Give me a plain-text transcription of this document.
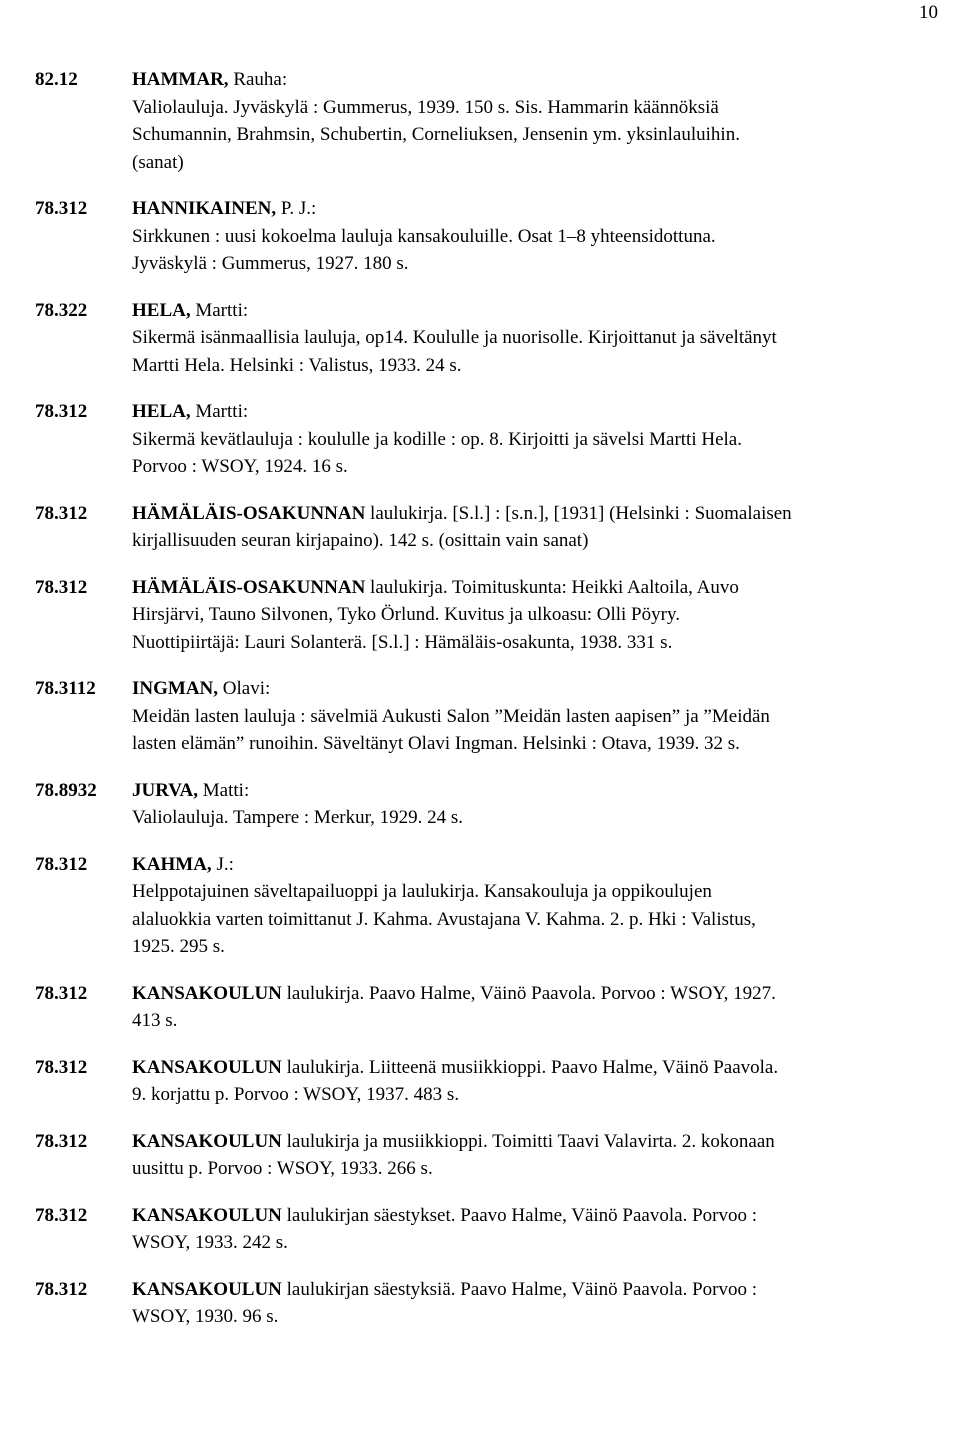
10
82.12	HAMMAR, Rauha:
Valiolauluja. Jyväskylä : Gummerus, 1939. 150 s. Sis. Hammarin käännöksiä
Schumannin, Brahmsin, Schubertin, Corneliuksen, Jensenin ym. yksinlauluihin.
(sanat)
78.312 HANNIKAINEN, P. J.:
Sirkkunen : uusi kokoelma lauluja kansakouluille. Osat 1–8 yhteensidottuna.
Jyväskylä : Gummerus, 1927. 180 s.
78.322 HELA, Martti:
Sikermä isänmaallisia lauluja, op14. Koululle ja nuorisolle. Kirjoittanut ja säveltänyt
Martti Hela. Helsinki : Valistus, 1933. 24 s.
78.312 HELA, Martti:
Sikermä kevätlauluja : koululle ja kodille : op. 8. Kirjoitti ja sävelsi Martti Hela.
Porvoo : WSOY, 1924. 16 s.
78.312 HÄMÄLÄIS-OSAKUNNAN laulukirja. [S.l.] : [s.n.], [1931] (Helsinki : Suomalaisen
kirjallisuuden seuran kirjapaino). 142 s. (osittain vain sanat)
78.312 HÄMÄLÄIS-OSAKUNNAN laulukirja. Toimituskunta: Heikki Aaltoila, Auvo
Hirsjärvi, Tauno Silvonen, Tyko Örlund. Kuvitus ja ulkoasu: Olli Pöyry.
Nuottipiirtäjä: Lauri Solanterä. [S.l.] : Hämäläis-osakunta, 1938. 331 s.
78.3112 INGMAN, Olavi:
Meidän lasten lauluja : sävelmiä Aukusti Salon ”Meidän lasten aapisen” ja ”Meidän
lasten elämän” runoihin. Säveltänyt Olavi Ingman. Helsinki : Otava, 1939. 32 s.
78.8932 JURVA, Matti:
Valiolauluja. Tampere : Merkur, 1929. 24 s.
78.312 KAHMA, J.:
Helppotajuinen säveltapailuoppi ja laulukirja. Kansakouluja ja oppikoulujen
alaluokkia varten toimittanut J. Kahma. Avustajana V. Kahma. 2. p. Hki : Valistus,
1925. 295 s.
78.312 KANSAKOULUN laulukirja. Paavo Halme, Väinö Paavola. Porvoo : WSOY, 1927.
413 s.
78.312 KANSAKOULUN laulukirja. Liitteenä musiikkioppi. Paavo Halme, Väinö Paavola.
9. korjattu p. Porvoo : WSOY, 1937. 483 s.
78.312 KANSAKOULUN laulukirja ja musiikkioppi. Toimitti Taavi Valavirta. 2. kokonaan
uusittu p. Porvoo : WSOY, 1933. 266 s.
78.312 KANSAKOULUN laulukirjan säestykset. Paavo Halme, Väinö Paavola. Porvoo :
WSOY, 1933. 242 s.
78.312 KANSAKOULUN laulukirjan säestyksiä. Paavo Halme, Väinö Paavola. Porvoo :
WSOY, 1930. 96 s.
